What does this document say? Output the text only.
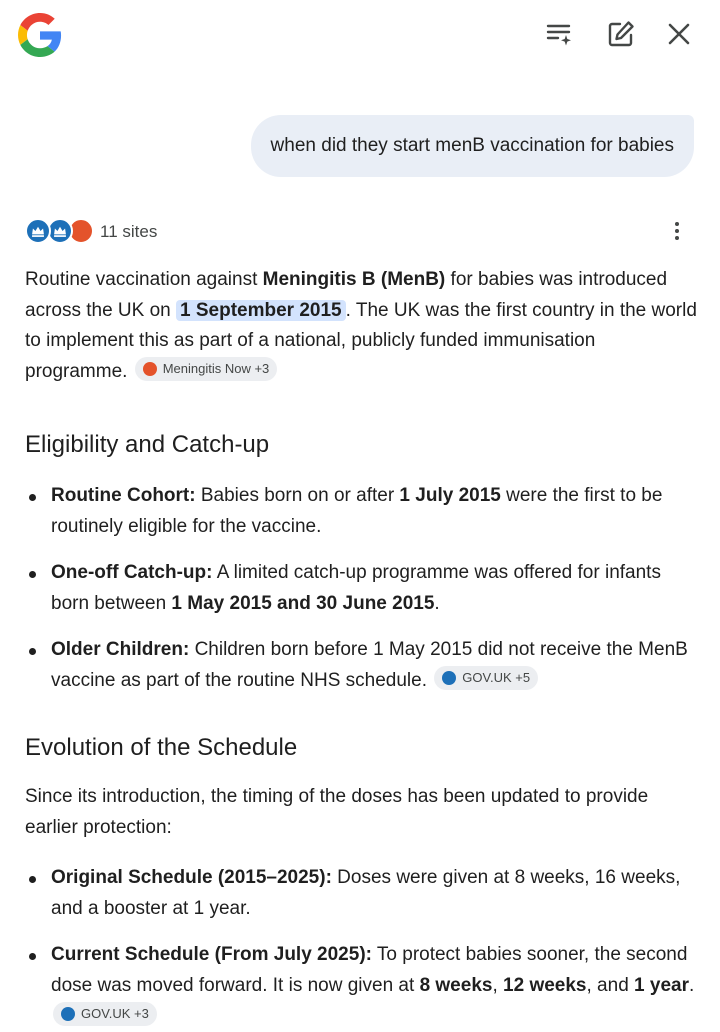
when did they start menB vaccination for babies
11 sites

Routine vaccination against Meningitis B (MenB) for babies was introduced across the UK on 1 September 2015 . The UK was the first country in the world to implement this as part of a national, publicly funded immunisation programme.	Meningitis Now +3

Eligibility and Catch-up
Routine Cohort: Babies born on or after 1 July 2015 were the first to be routinely eligible for the vaccine.
One-off Catch-up: A limited catch-up programme was offered for infants born between 1 May 2015 and 30 June 2015.
Older Children: Children born before 1 May 2015 did not receive the MenB vaccine as part of the routine NHS schedule.	GOV.UK +5
Evolution of the Schedule

Since its introduction, the timing of the doses has been updated to provide earlier protection:

Original Schedule (2015–2025): Doses were given at 8 weeks, 16 weeks, and a booster at 1 year.
Current Schedule (From July 2025): To protect babies sooner, the second dose was moved forward. It is now given at 8 weeks, 12 weeks, and 1 year.
GOV.UK +3
